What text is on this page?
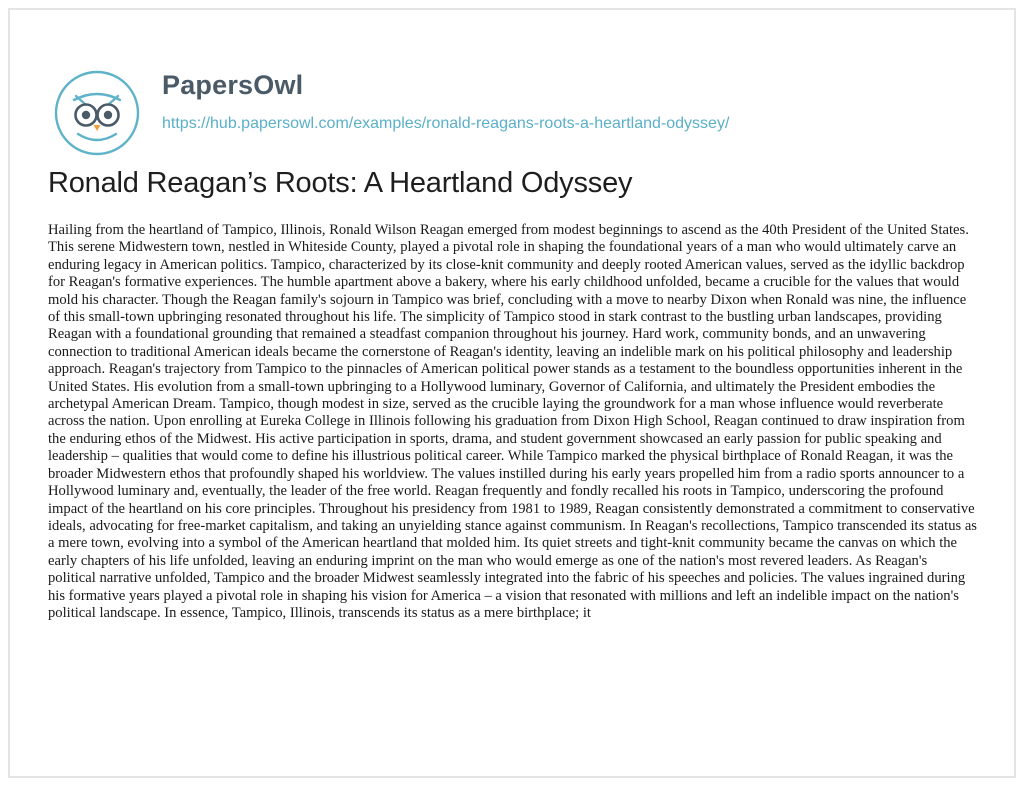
PapersOwl
https://hub.papersowl.com/examples/ronald-reagans-roots-a-heartland-odyssey/
Ronald Reagan’s Roots: A Heartland Odyssey

Hailing from the heartland of Tampico, Illinois, Ronald Wilson Reagan emerged from modest beginnings to ascend as the 40th President of the United States. This serene Midwestern town, nestled in Whiteside County, played a pivotal role in shaping the foundational years of a man who would ultimately carve an enduring legacy in American politics. Tampico, characterized by its close-knit community and deeply rooted American values, served as the idyllic backdrop for Reagan's formative experiences. The humble apartment above a bakery, where his early childhood unfolded, became a crucible for the values that would mold his character. Though the Reagan family's sojourn in Tampico was brief, concluding with a move to nearby Dixon when Ronald was nine, the influence of this small-town upbringing resonated throughout his life. The simplicity of Tampico stood in stark contrast to the bustling urban landscapes, providing Reagan with a foundational grounding that remained a steadfast companion throughout his journey. Hard work, community bonds, and an unwavering connection to traditional American ideals became the cornerstone of Reagan's identity, leaving an indelible mark on his political philosophy and leadership approach. Reagan's trajectory from Tampico to the pinnacles of American political power stands as a testament to the boundless opportunities inherent in the United States. His evolution from a small-town upbringing to a Hollywood luminary, Governor of California, and ultimately the President embodies the archetypal American Dream. Tampico, though modest in size, served as the crucible laying the groundwork for a man whose influence would reverberate across the nation. Upon enrolling at Eureka College in Illinois following his graduation from Dixon High School, Reagan continued to draw inspiration from the enduring ethos of the Midwest. His active participation in sports, drama, and student government showcased an early passion for public speaking and leadership – qualities that would come to define his illustrious political career. While Tampico marked the physical birthplace of Ronald Reagan, it was the broader Midwestern ethos that profoundly shaped his worldview. The values instilled during his early years propelled him from a radio sports announcer to a Hollywood luminary and, eventually, the leader of the free world. Reagan frequently and fondly recalled his roots in Tampico, underscoring the profound impact of the heartland on his core principles. Throughout his presidency from 1981 to 1989, Reagan consistently demonstrated a commitment to conservative ideals, advocating for free-market capitalism, and taking an unyielding stance against communism. In Reagan's recollections, Tampico transcended its status as a mere town, evolving into a symbol of the American heartland that molded him. Its quiet streets and tight-knit community became the canvas on which the early chapters of his life unfolded, leaving an enduring imprint on the man who would emerge as one of the nation's most revered leaders. As Reagan's political narrative unfolded, Tampico and the broader Midwest seamlessly integrated into the fabric of his speeches and policies. The values ingrained during his formative years played a pivotal role in shaping his vision for America – a vision that resonated with millions and left an indelible impact on the nation's political landscape. In essence, Tampico, Illinois, transcends its status as a mere birthplace; it
